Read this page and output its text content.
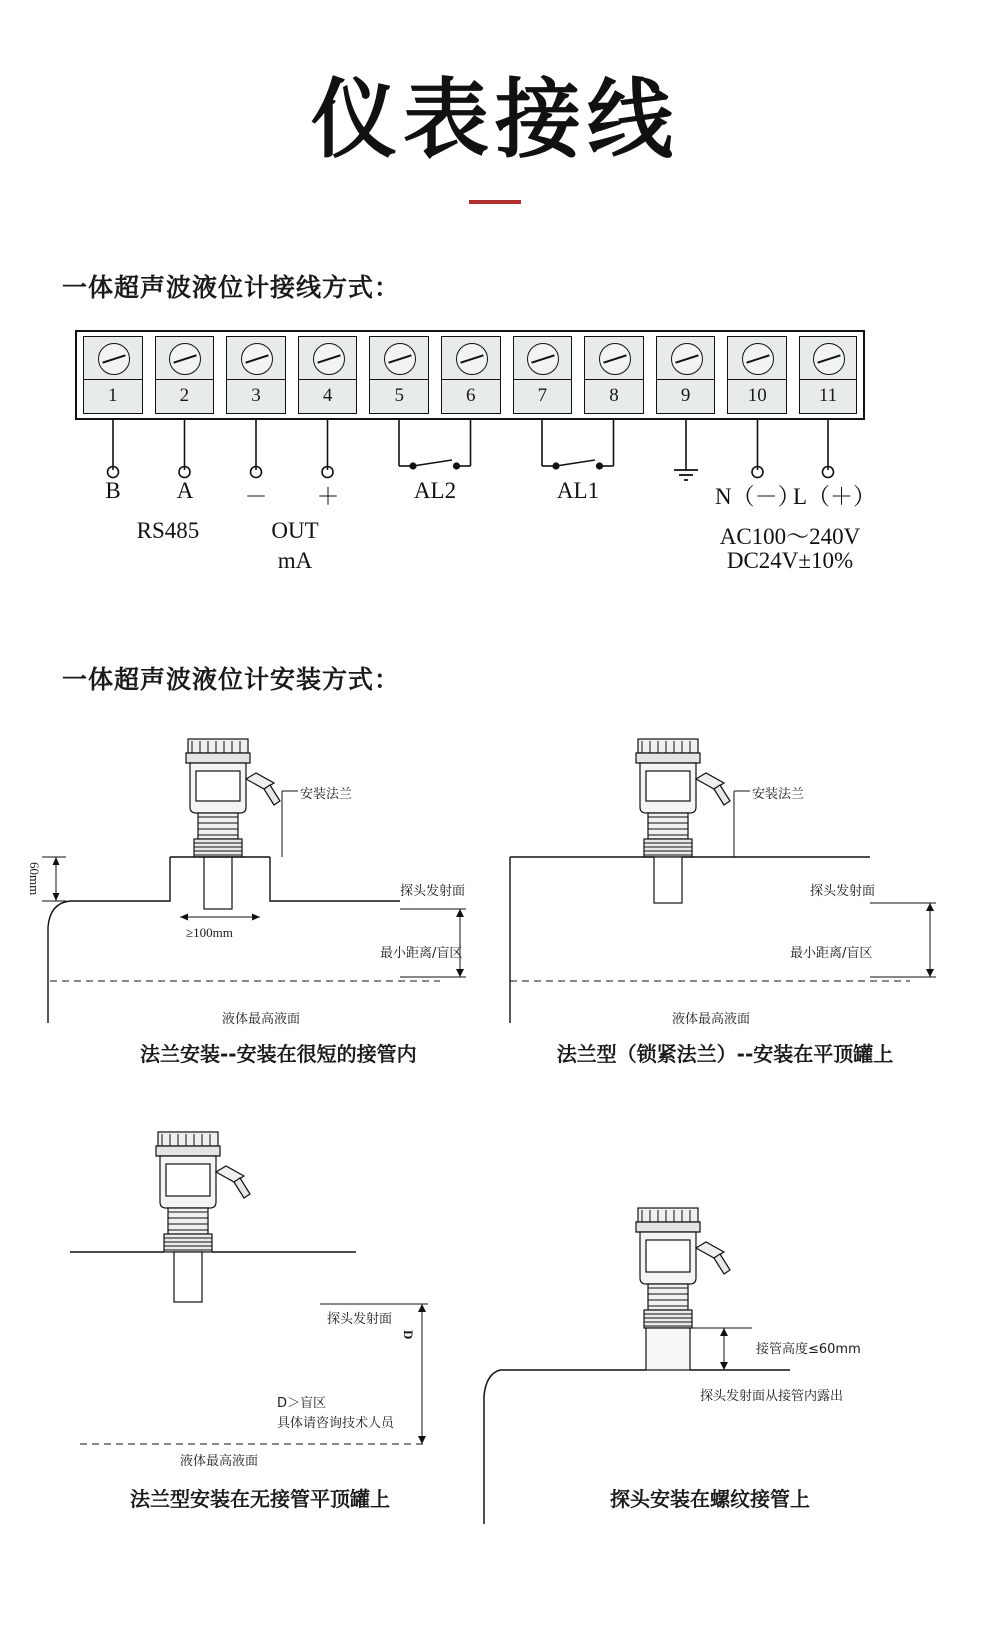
仪表接线
一体超声波液位计接线方式：
1	2	3	4	5	6	7	8	9	10	11
B	A	－	＋	AL2	AL1	N（－）
L（＋）
RS485	OUT
mA
AC100～240V
DC24V±10%
一体超声波液位计安装方式：
安装法兰
探头发射面
最小距离/盲区
液体最高液面
60mm
≥100mm
法兰安装--安装在很短的接管内
安装法兰
探头发射面
最小距离/盲区
液体最高液面
法兰型（锁紧法兰）--安装在平顶罐上
探头发射面
D
D＞盲区
具体请咨询技术人员
液体最高液面
法兰型安装在无接管平顶罐上
接管高度≤60mm
探头发射面从接管内露出
探头安装在螺纹接管上
